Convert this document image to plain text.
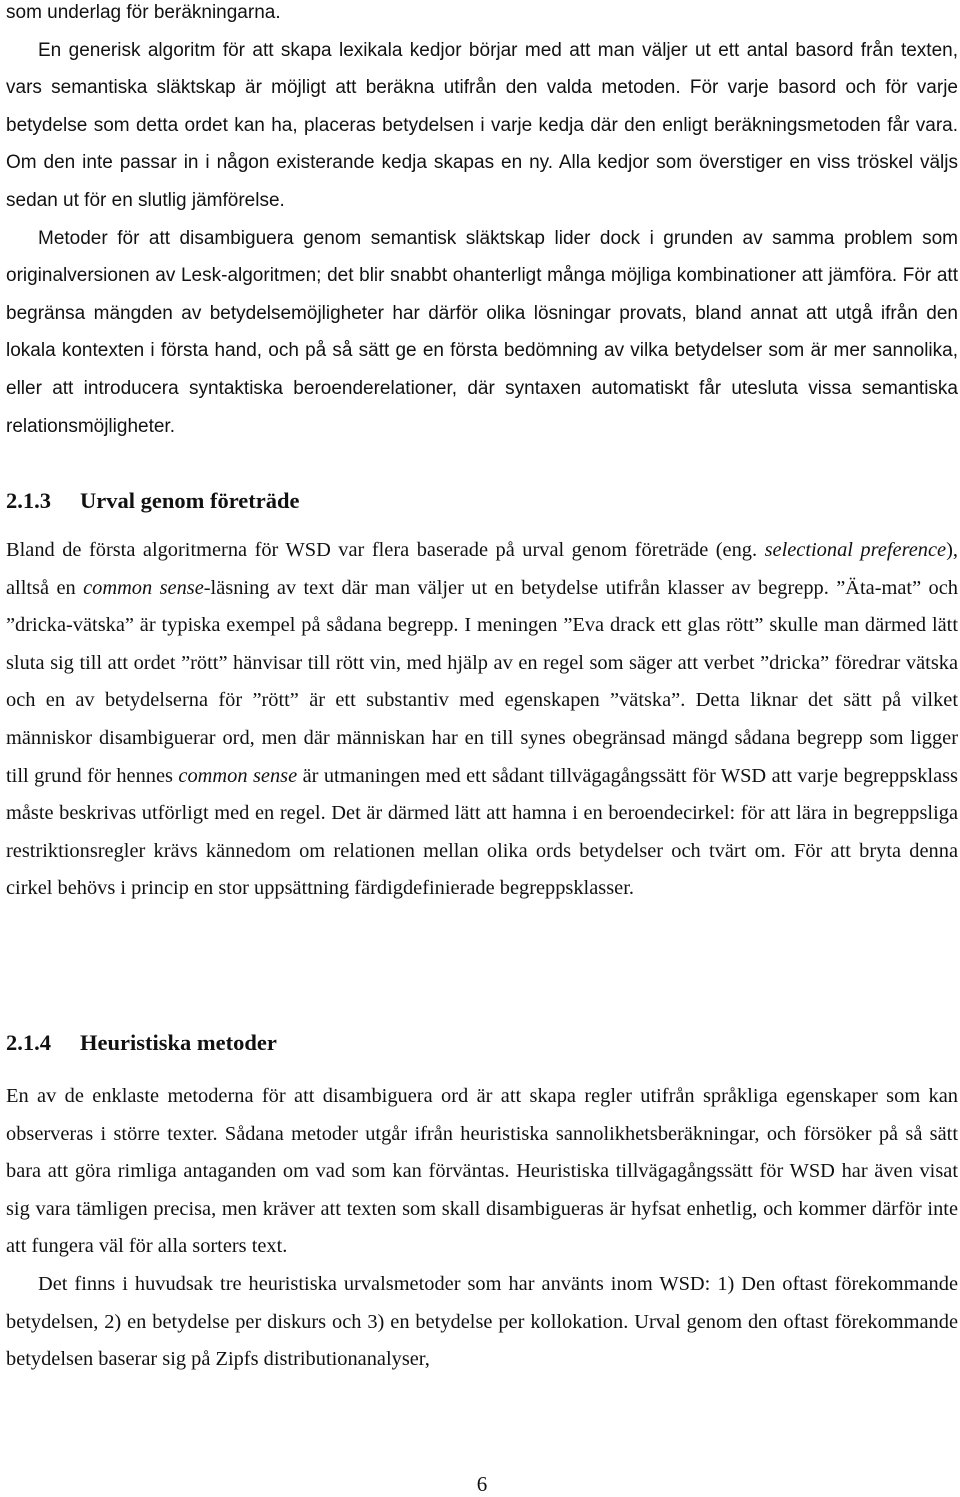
som underlag för beräkningarna.

En generisk algoritm för att skapa lexikala kedjor börjar med att man väljer ut ett antal basord från texten, vars semantiska släktskap är möjligt att beräkna utifrån den valda metoden. För varje basord och för varje betydelse som detta ordet kan ha, placeras betydelsen i varje kedja där den enligt beräkningsmetoden får vara. Om den inte passar in i någon existerande kedja skapas en ny. Alla kedjor som överstiger en viss tröskel väljs sedan ut för en slutlig jämförelse.

Metoder för att disambiguera genom semantisk släktskap lider dock i grunden av samma problem som originalversionen av Lesk-algoritmen; det blir snabbt ohanterligt många möjliga kombinationer att jämföra. För att begränsa mängden av betydelsemöjligheter har därför olika lösningar provats, bland annat att utgå ifrån den lokala kontexten i första hand, och på så sätt ge en första bedömning av vilka betydelser som är mer sannolika, eller att introducera syntaktiska beroenderelationer, där syntaxen automatiskt får utesluta vissa semantiska relationsmöjligheter.

2.1.3 Urval genom företräde

Bland de första algoritmerna för WSD var flera baserade på urval genom företräde (eng. selectional preference), alltså en common sense-läsning av text där man väljer ut en betydelse utifrån klasser av begrepp. ”Äta-mat” och ”dricka-vätska” är typiska exempel på sådana begrepp. I meningen ”Eva drack ett glas rött” skulle man därmed lätt sluta sig till att ordet ”rött” hänvisar till rött vin, med hjälp av en regel som säger att verbet ”dricka” föredrar vätska och en av betydelserna för ”rött” är ett substantiv med egenskapen ”vätska”. Detta liknar det sätt på vilket människor disambiguerar ord, men där människan har en till synes obegränsad mängd sådana begrepp som ligger till grund för hennes common sense är utmaningen med ett sådant tillvägagångssätt för WSD att varje begreppsklass måste beskrivas utförligt med en regel. Det är därmed lätt att hamna i en beroendecirkel: för att lära in begreppsliga restriktionsregler krävs kännedom om relationen mellan olika ords betydelser och tvärt om. För att bryta denna cirkel behövs i princip en stor uppsättning färdigdefinierade begreppsklasser.

2.1.4 Heuristiska metoder

En av de enklaste metoderna för att disambiguera ord är att skapa regler utifrån språkliga egenskaper som kan observeras i större texter. Sådana metoder utgår ifrån heuristiska sannolikhetsberäkningar, och försöker på så sätt bara att göra rimliga antaganden om vad som kan förväntas. Heuristiska tillvägagångssätt för WSD har även visat sig vara tämligen precisa, men kräver att texten som skall disambigueras är hyfsat enhetlig, och kommer därför inte att fungera väl för alla sorters text.

Det finns i huvudsak tre heuristiska urvalsmetoder som har använts inom WSD: 1) Den oftast förekommande betydelsen, 2) en betydelse per diskurs och 3) en betydelse per kollokation. Urval genom den oftast förekommande betydelsen baserar sig på Zipfs distributionanalyser,

6
